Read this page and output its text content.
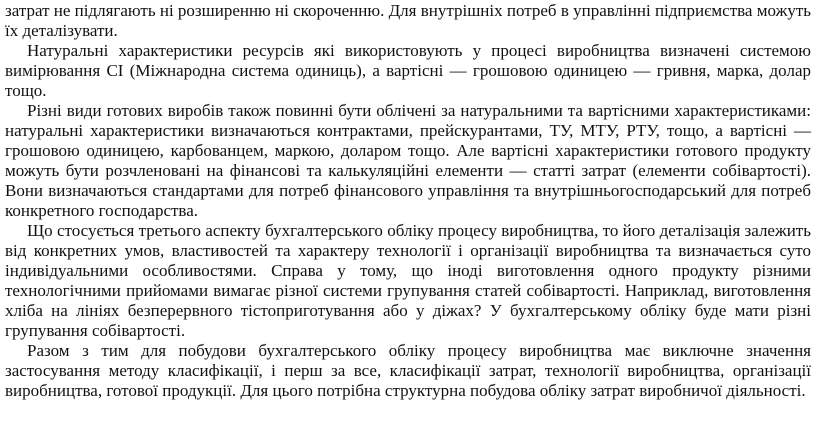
затрат не підлягають ні розширенню ні скороченню. Для внутрішніх потреб в управлінні підприємства можуть їх деталізувати.

Натуральні характеристики ресурсів які використовують у процесі виробництва визначені системою вимірювання СІ (Міжнародна система одиниць), а вартісні — грошовою одиницею — гривня, марка, долар тощо.

Різні види готових виробів також повинні бути облічені за натуральними та вартісними характеристиками: натуральні характеристики визначаються контрактами, прейскурантами, ТУ, МТУ, РТУ, тощо, а вартісні — грошовою одиницею, карбованцем, маркою, доларом тощо. Але вартісні характеристики готового продукту можуть бути розчленовані на фінансові та калькуляційні елементи — статті затрат (елементи собівартості). Вони визначаються стандартами для потреб фінансового управління та внутрішньогосподарський для потреб конкретного господарства.

Що стосується третього аспекту бухгалтерського обліку процесу виробництва, то його деталізація залежить від конкретних умов, властивостей та характеру технології і організації виробництва та визначається суто індивідуальними особливостями. Справа у тому, що іноді виготовлення одного продукту різними технологічними прийомами вимагає різної системи групування статей собівартості. Наприклад, виготовлення хліба на лініях безперервного тістоприготування або у діжах? У бухгалтерському обліку буде мати різні групування собівартості.

Разом з тим для побудови бухгалтерського обліку процесу виробництва має виключне значення застосування методу класифікації, і перш за все, класифікації затрат, технології виробництва, організації виробництва, готової продукції. Для цього потрібна структурна побудова обліку затрат виробничої діяльності.
